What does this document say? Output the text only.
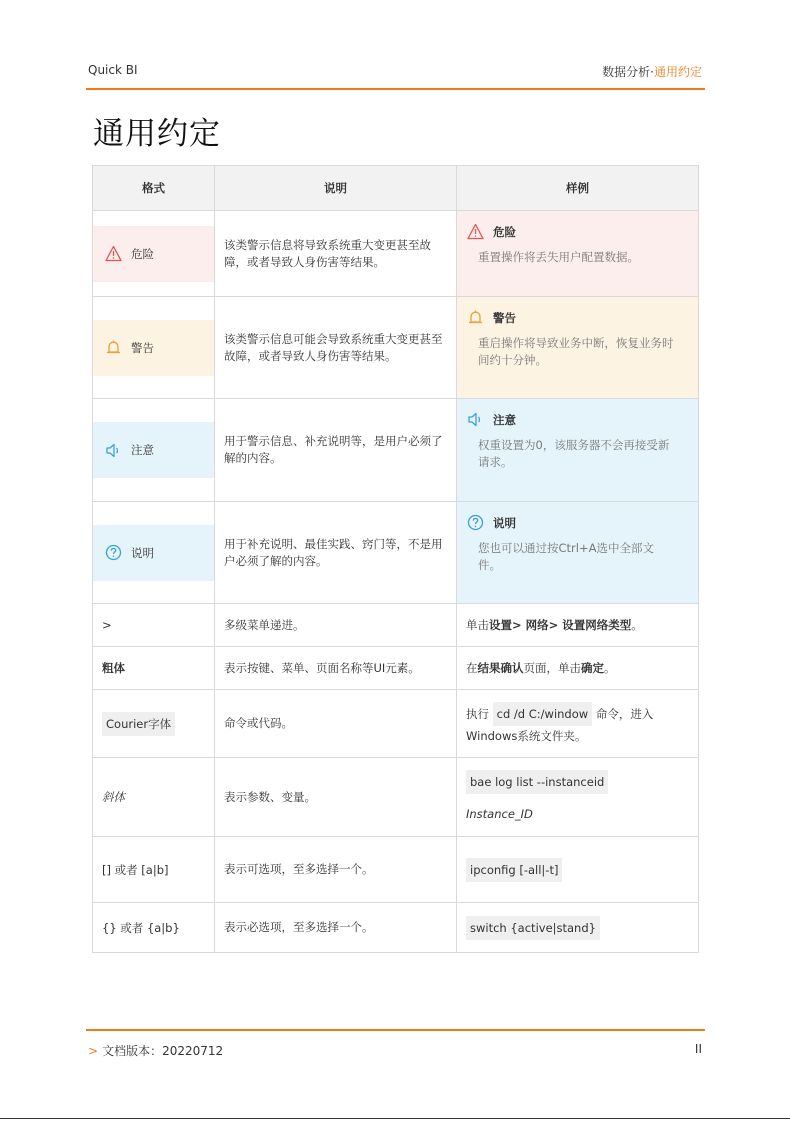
Quick BI	数据分析·通用约定
通用约定
格式	说明	样例

危险	该类警示信息将导致系统重大变更甚至故障，或者导致人身伤害等结果。	危险
重置操作将丢失用户配置数据。

警告	该类警示信息可能会导致系统重大变更甚至故障，或者导致人身伤害等结果。	警告
重启操作将导致业务中断，恢复业务时间约十分钟。

注意	用于警示信息、补充说明等，是用户必须了解的内容。	注意
权重设置为0，该服务器不会再接受新请求。

说明	用于补充说明、最佳实践、窍门等，不是用户必须了解的内容。	说明
您也可以通过按Ctrl+A选中全部文件。

>	多级菜单递进。	单击设置> 网络> 设置网络类型。
粗体	表示按键、菜单、页面名称等UI元素。	在结果确认页面，单击确定。
Courier字体	命令或代码。	执行 cd /d C:/window 命令，进入Windows系统文件夹。
斜体	表示参数、变量。	bae log list --instanceid
Instance_ID

[] 或者 [a|b]	表示可选项，至多选择一个。	ipconfig [-all|-t]
{} 或者 {a|b}	表示必选项，至多选择一个。	switch {active|stand}
> 文档版本：20220712	II
